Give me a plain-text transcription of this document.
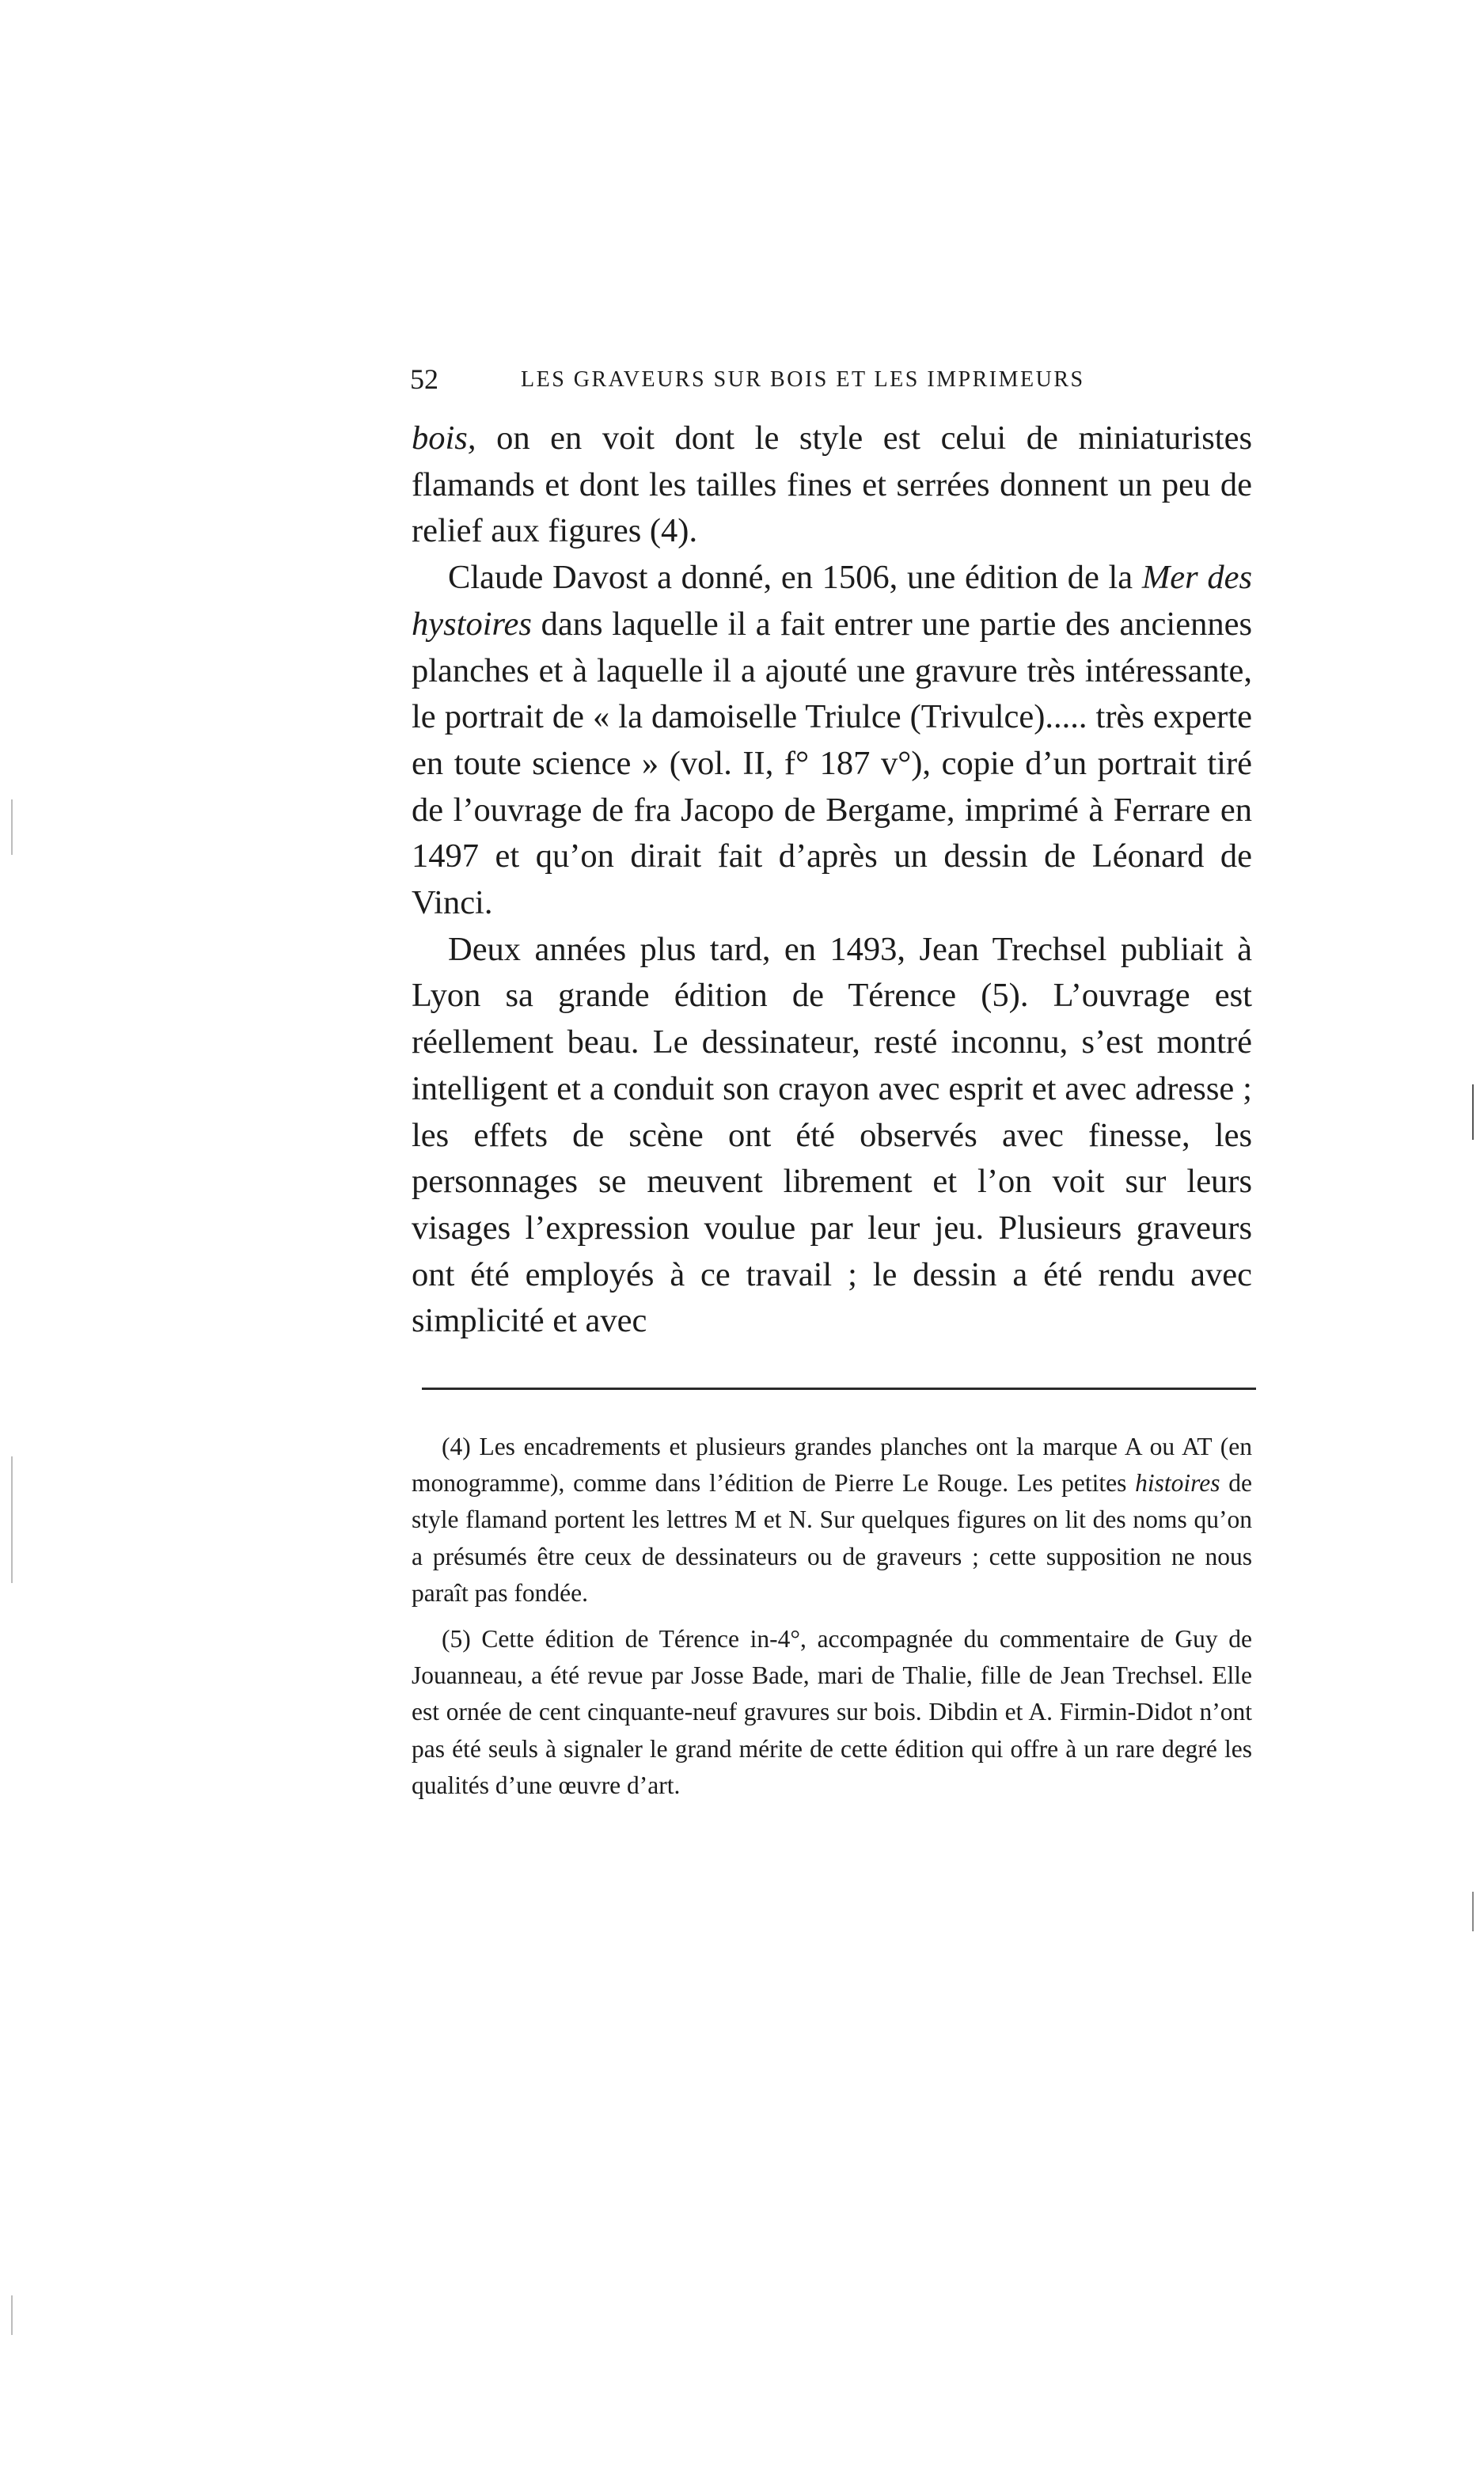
52	LES GRAVEURS SUR BOIS ET LES IMPRIMEURS

bois, on en voit dont le style est celui de miniaturistes flamands et dont les tailles fines et serrées donnent un peu de relief aux figures (4).

Claude Davost a donné, en 1506, une édition de la Mer des hystoires dans laquelle il a fait entrer une partie des anciennes planches et à laquelle il a ajouté une gravure très intéressante, le portrait de « la damoiselle Triulce (Trivulce)..... très experte en toute science » (vol. II, f° 187 v°), copie d’un portrait tiré de l’ouvrage de fra Jacopo de Bergame, imprimé à Ferrare en 1497 et qu’on dirait fait d’après un dessin de Léonard de Vinci.

Deux années plus tard, en 1493, Jean Trechsel publiait à Lyon sa grande édition de Térence (5). L’ouvrage est réellement beau. Le dessinateur, resté inconnu, s’est montré intelligent et a conduit son crayon avec esprit et avec adresse ; les effets de scène ont été observés avec finesse, les personnages se meuvent librement et l’on voit sur leurs visages l’expression voulue par leur jeu. Plusieurs graveurs ont été employés à ce travail ; le dessin a été rendu avec simplicité et avec

(4) Les encadrements et plusieurs grandes planches ont la marque A ou AT (en monogramme), comme dans l’édition de Pierre Le Rouge. Les petites histoires de style flamand portent les lettres M et N. Sur quelques figures on lit des noms qu’on a présumés être ceux de dessinateurs ou de graveurs ; cette supposition ne nous paraît pas fondée.

(5) Cette édition de Térence in-4°, accompagnée du commentaire de Guy de Jouanneau, a été revue par Josse Bade, mari de Thalie, fille de Jean Trechsel. Elle est ornée de cent cinquante-neuf gravures sur bois. Dibdin et A. Firmin-Didot n’ont pas été seuls à signaler le grand mérite de cette édition qui offre à un rare degré les qualités d’une œuvre d’art.
